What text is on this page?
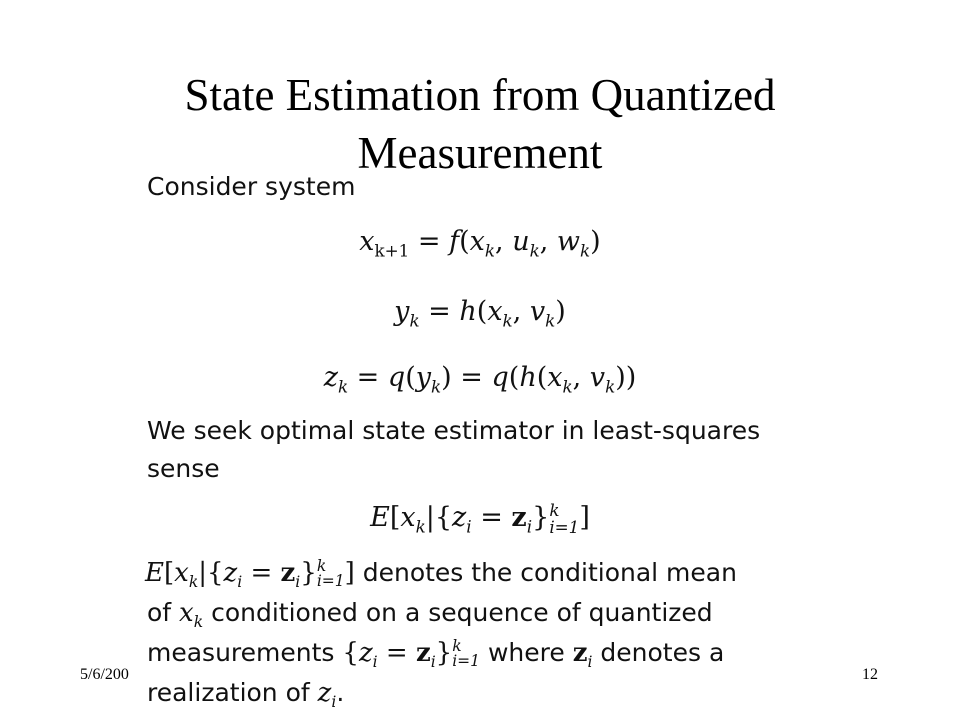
State Estimation from Quantized
Measurement
Consider system
$x_{k+1} = f(x_k$, $u_k$, $w_k$)
$y_k = h(x_k$, $v_k$)
$z_k = q(y_k) = q(h(x_k$, $v_k$))
We seek optimal state estimator in least-squares
sense
$E[x_k|\{z_i = z_i\}$ k
i=1 ]
$E[x_k|\{z_i = z_i\}$ k
i=1 ] denotes the conditional mean
of $x_k$ conditioned on a sequence of quantized
measurements $\{z_i = z_i\}$ k
i=1 where $z_i$ denotes a
realization of $z_i$.
5/6/200	12
